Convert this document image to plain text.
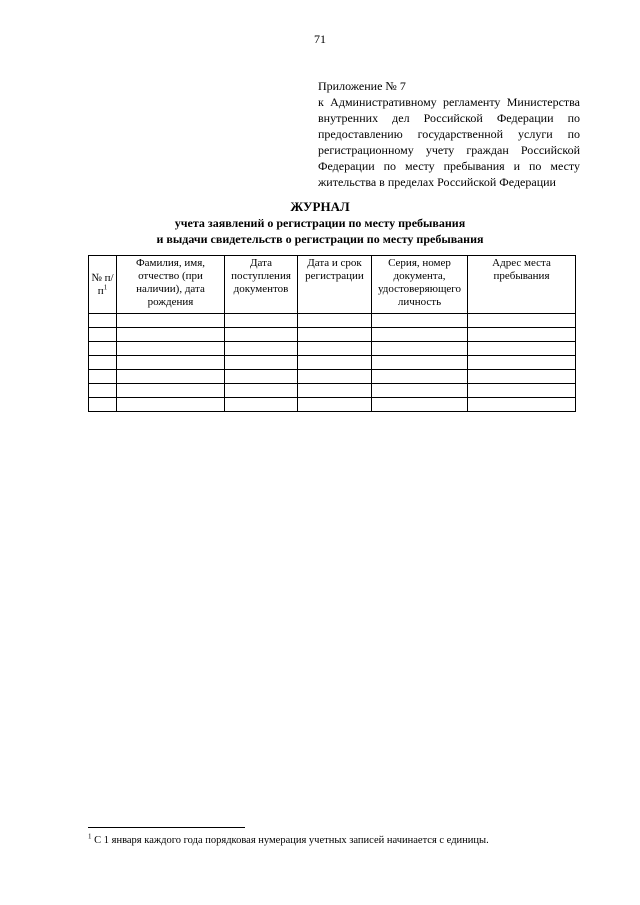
71
Приложение № 7
к Административному регламенту Министерства внутренних дел Российской Федерации по предоставлению государственной услуги по регистрационному учету граждан Российской Федерации по месту пребывания и по месту жительства в пределах Российской Федерации
ЖУРНАЛ
учета заявлений о регистрации по месту пребывания
и выдачи свидетельств о регистрации по месту пребывания
№ $п/п^1$	Фамилия, имя, отчество (при наличии), дата рождения	Дата поступления документов	Дата и срок регистрации	Серия, номер документа, удостоверяющего личность	Адрес места пребывания

$^1$ С 1 января каждого года порядковая нумерация учетных записей начинается с единицы.
